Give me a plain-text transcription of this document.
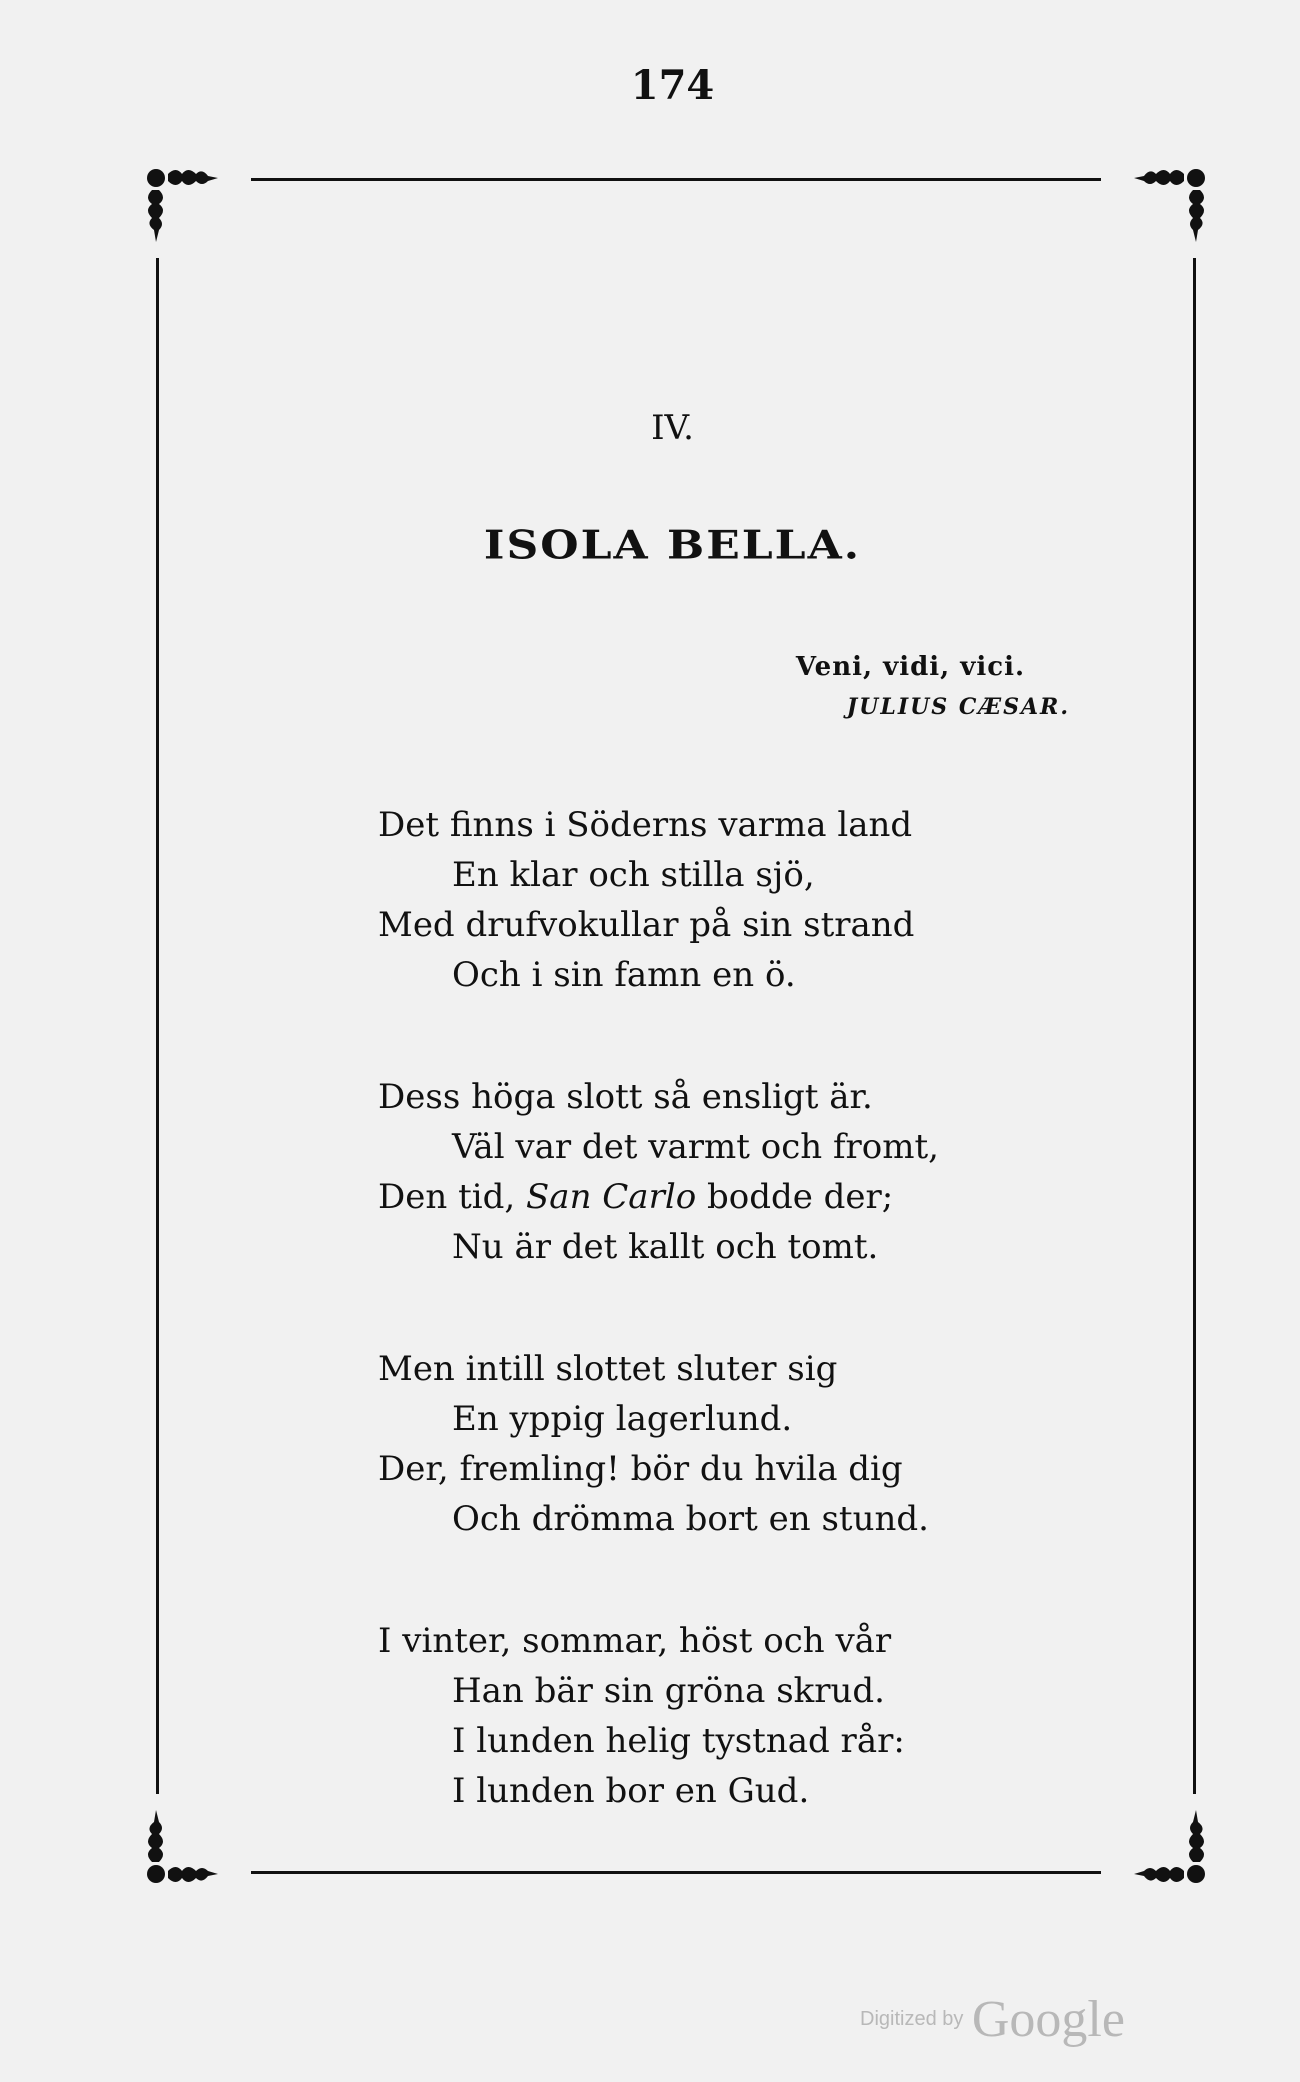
174
IV.
ISOLA BELLA.
Veni, vidi, vici.
JULIUS CÆSAR.
Det finns i Söderns varma land
En klar och stilla sjö,
Med drufvokullar på sin strand
Och i sin famn en ö.
Dess höga slott så ensligt är.
Väl var det varmt och fromt,
Den tid, San Carlo bodde der;
Nu är det kallt och tomt.
Men intill slottet sluter sig
En yppig lagerlund.
Der, fremling! bör du hvila dig
Och drömma bort en stund.
I vinter, sommar, höst och vår
Han bär sin gröna skrud.
I lunden helig tystnad rår:
I lunden bor en Gud.
Digitized by Google
